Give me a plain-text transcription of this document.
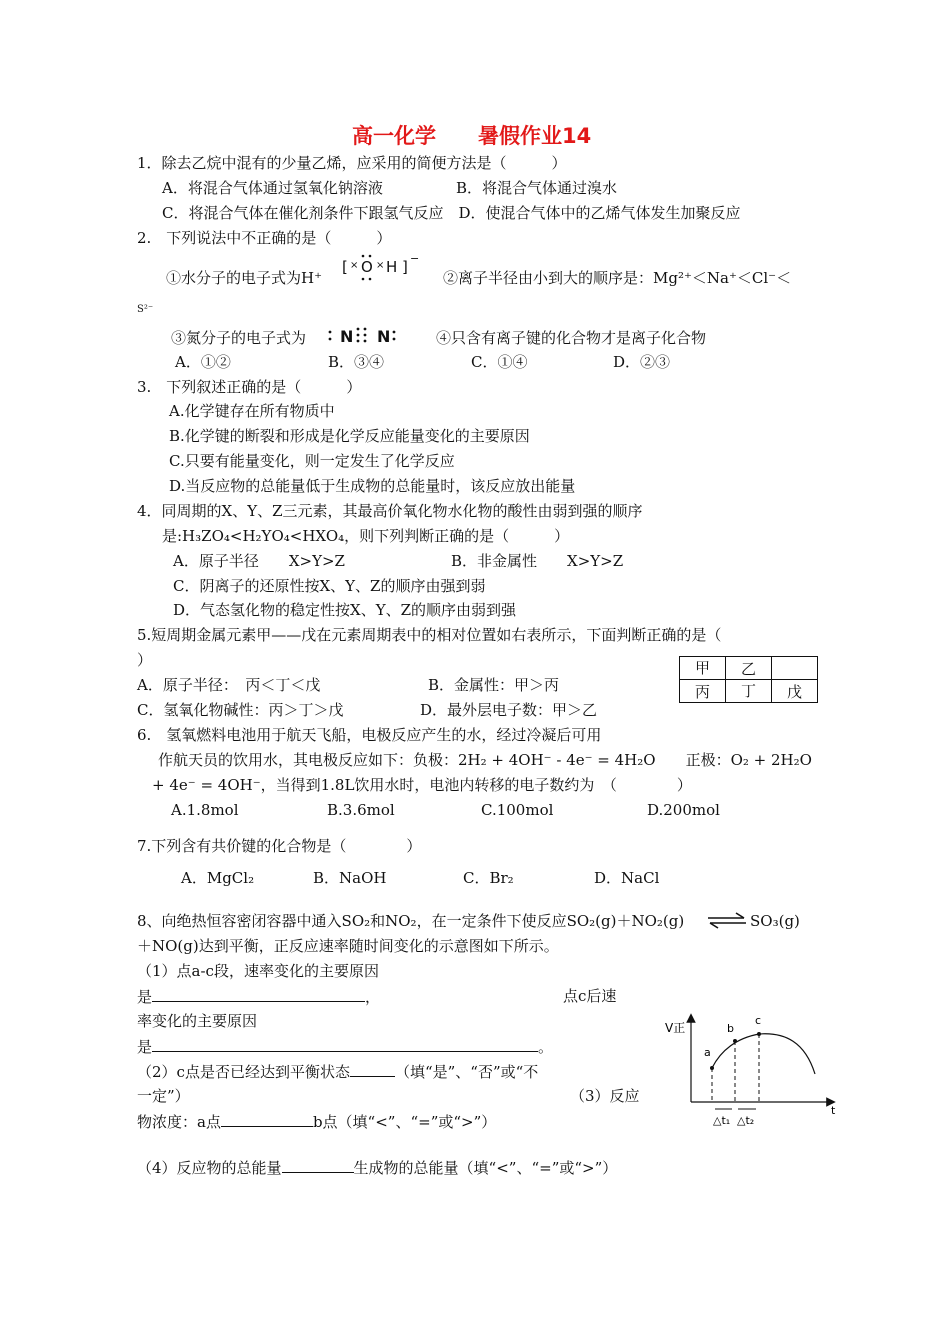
高一化学　　暑假作业14
1．除去乙烷中混有的少量乙烯，应采用的简便方法是（　　　）
A．将混合气体通过氢氧化钠溶液	B．将混合气体通过溴水
C．将混合气体在催化剂条件下跟氢气反应　D．使混合气体中的乙烯气体发生加聚反应
2.　下列说法中不正确的是（　　　）
①水分子的电子式为H⁺
[ × O × H ] −
②离子半径由小到大的顺序是：Mg²⁺＜Na⁺＜Cl⁻＜
S²⁻
③氮分子的电子式为 N N	④只含有离子键的化合物才是离子化合物
A．①②	B．③④	C．①④	D．②③
3.　下列叙述正确的是（　　　）
A.化学键存在所有物质中
B.化学键的断裂和形成是化学反应能量变化的主要原因
C.只要有能量变化，则一定发生了化学反应
D.当反应物的总能量低于生成物的总能量时，该反应放出能量
4．同周期的X、Y、Z三元素，其最高价氧化物水化物的酸性由弱到强的顺序
是:H₃ZO₄<H₂YO₄<HXO₄，则下列判断正确的是（　　　）
A．原子半径　　X>Y>Z	B．非金属性　　X>Y>Z
C．阴离子的还原性按X、Y、Z的顺序由强到弱
D．气态氢化物的稳定性按X、Y、Z的顺序由弱到强
5.短周期金属元素甲——戊在元素周期表中的相对位置如右表所示，下面判断正确的是（
）
A．原子半径：　丙＜丁＜戊	B．金属性：甲＞丙
C．氢氧化物碱性：丙＞丁＞戊	D．最外层电子数：甲＞乙
甲	乙	
丙	丁	戊
6.　氢氧燃料电池用于航天飞船，电极反应产生的水，经过冷凝后可用
作航天员的饮用水，其电极反应如下：负极：2H₂ + 4OH⁻ - 4e⁻ = 4H₂O　　正极：O₂ + 2H₂O
+ 4e⁻ = 4OH⁻，当得到1.8L饮用水时，电池内转移的电子数约为　（　　　　）
A.1.8mol	B.3.6mol	C.100mol	D.200mol
7.下列含有共价键的化合物是（　　　　）
A．MgCl₂	B．NaOH	C．Br₂	D．NaCl
8、向绝热恒容密闭容器中通入SO₂和NO₂，在一定条件下使反应SO₂(g)＋NO₂(g) ⇌ SO₃(g)
＋NO(g)达到平衡，正反应速率随时间变化的示意图如下所示。
（1）点a-c段，速率变化的主要原因
是	，	点c后速
率变化的主要原因
是	。
（2）c点是否已经达到平衡状态	（填“是”、“否”或“不
一定”）	（3）反应
物浓度：a点	b点（填“<”、“=”或“>”）
（4）反应物的总能量	生成物的总能量（填“<”、“=”或“>”）
V正
t
a
b
c
△t₁ △t₂
